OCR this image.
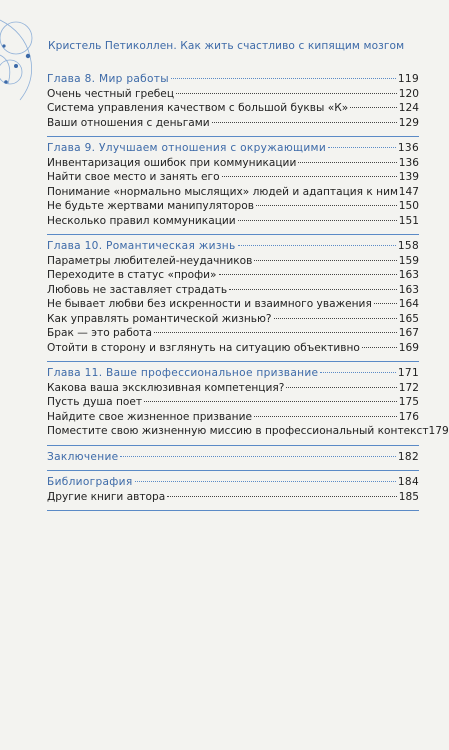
Кристель Петиколлен. Как жить счастливо с кипящим мозгом
Глава 8. Мир работы	119
Очень честный гребец	120
Система управления качеством с большой буквы «К»	124
Ваши отношения с деньгами	129
Глава 9. Улучшаем отношения с окружающими	136
Инвентаризация ошибок при коммуникации	136
Найти свое место и занять его	139
Понимание «нормально мыслящих» людей и адаптация к ним 147
Не будьте жертвами манипуляторов	150
Несколько правил коммуникации	151
Глава 10. Романтическая жизнь	158
Параметры любителей-неудачников	159
Переходите в статус «профи»	163
Любовь не заставляет страдать	163
Не бывает любви без искренности и взаимного уважения	164
Как управлять романтической жизнью?	165
Брак — это работа	167
Отойти в сторону и взглянуть на ситуацию объективно	169
Глава 11. Ваше профессиональное призвание	171
Какова ваша эксклюзивная компетенция?	172
Пусть душа поет	175
Найдите свое жизненное призвание	176
Поместите свою жизненную миссию в профессиональный контекст 179
Заключение	182
Библиография	184
Другие книги автора	185
